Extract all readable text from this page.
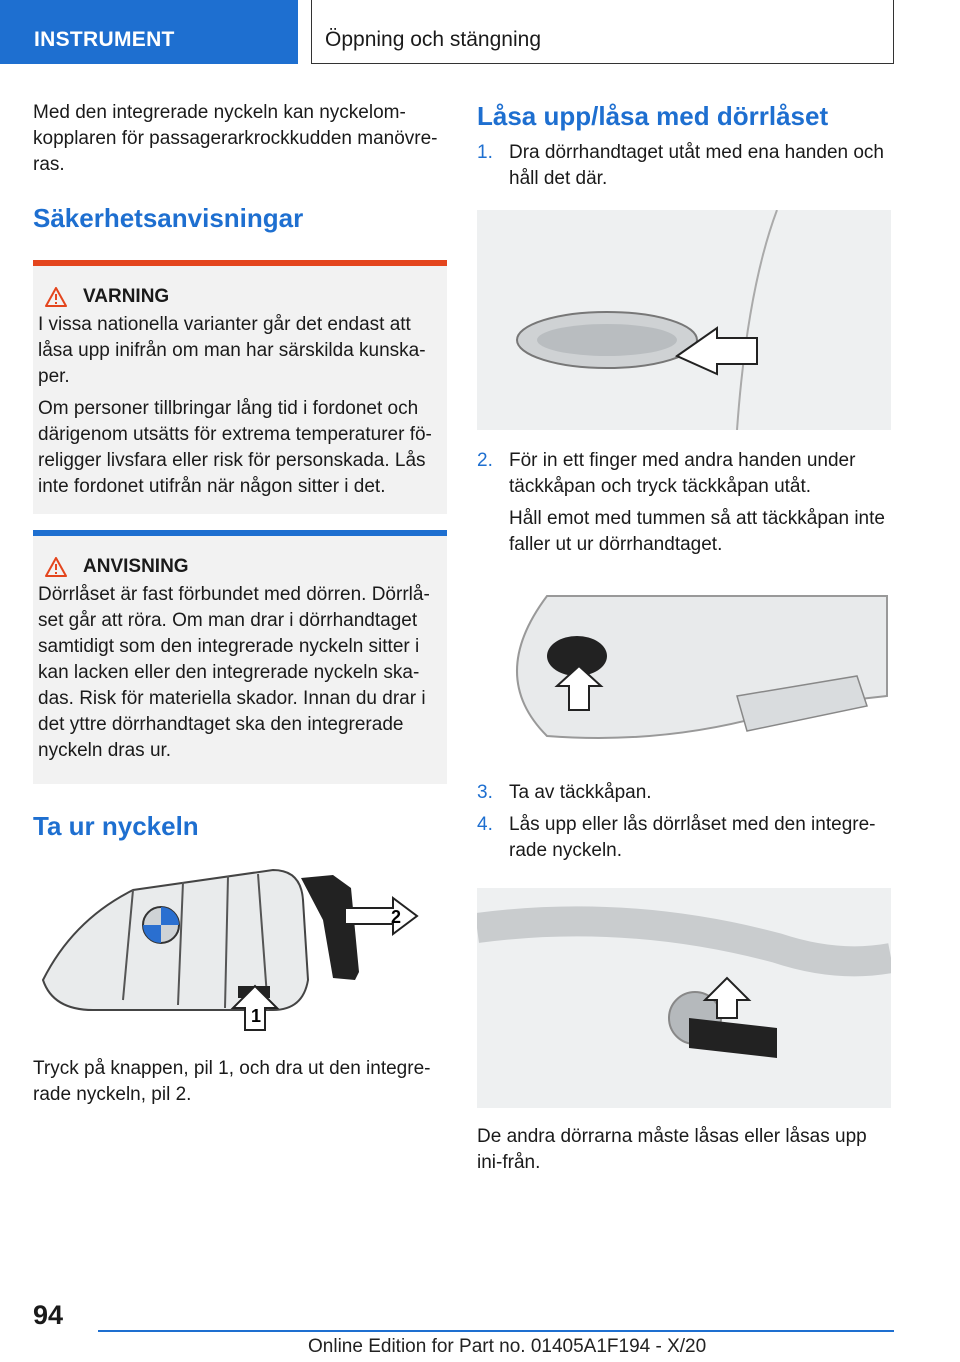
INSTRUMENT	Öppning och stängning

Med den integrerade nyckeln kan nyckelom-kopplaren för passagerarkrockkudden manövre-ras.

Säkerhetsanvisningar
VARNING

I vissa nationella varianter går det endast att låsa upp inifrån om man har särskilda kunska-per.

Om personer tillbringar lång tid i fordonet och därigenom utsätts för extrema temperaturer fö-religger livsfara eller risk för personskada. Lås inte fordonet utifrån när någon sitter i det.

ANVISNING

Dörrlåset är fast förbundet med dörren. Dörrlå-set går att röra. Om man drar i dörrhandtaget samtidigt som den integrerade nyckeln sitter i kan lacken eller den integrerade nyckeln ska-das. Risk för materiella skador. Innan du drar i det yttre dörrhandtaget ska den integrerade nyckeln dras ur.

Ta ur nyckeln
1
2

Tryck på knappen, pil 1, och dra ut den integre-rade nyckeln, pil 2.

Låsa upp/låsa med dörrlåset
1. Dra dörrhandtaget utåt med ena handen och håll det där.
2. För in ett finger med andra handen under täckkåpan och tryck täckkåpan utåt.

Håll emot med tummen så att täckkåpan inte faller ut ur dörrhandtaget.

3. Ta av täckkåpan.
4. Lås upp eller lås dörrlåset med den integre-rade nyckeln.

De andra dörrarna måste låsas eller låsas upp ini-från.

94
Online Edition for Part no. 01405A1F194 - X/20
